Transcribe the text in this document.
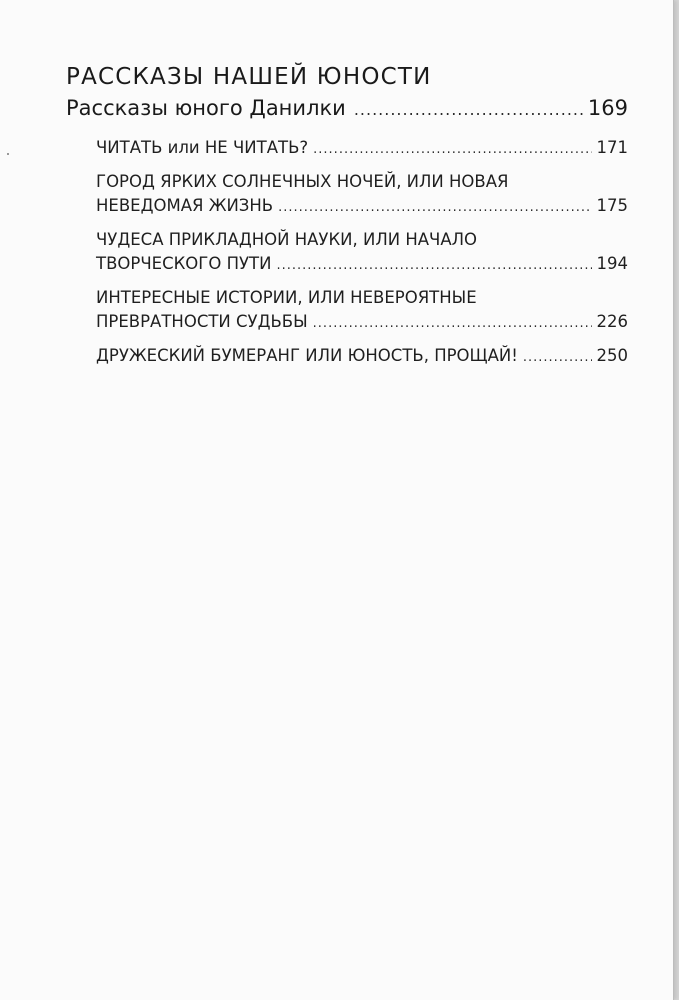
РАССКАЗЫ НАШЕЙ ЮНОСТИ
Рассказы юного Данилки .....	169
ЧИТАТЬ или НЕ ЧИТАТЬ? .....	171
ГОРОД ЯРКИХ СОЛНЕЧНЫХ НОЧЕЙ, ИЛИ НОВАЯ
НЕВЕДОМАЯ ЖИЗНЬ .....	175
ЧУДЕСА ПРИКЛАДНОЙ НАУКИ, ИЛИ НАЧАЛО
ТВОРЧЕСКОГО ПУТИ .....	194
ИНТЕРЕСНЫЕ ИСТОРИИ, ИЛИ НЕВЕРОЯТНЫЕ
ПРЕВРАТНОСТИ СУДЬБЫ .....	226
ДРУЖЕСКИЙ БУМЕРАНГ ИЛИ ЮНОСТЬ, ПРОЩАЙ! .....	250
